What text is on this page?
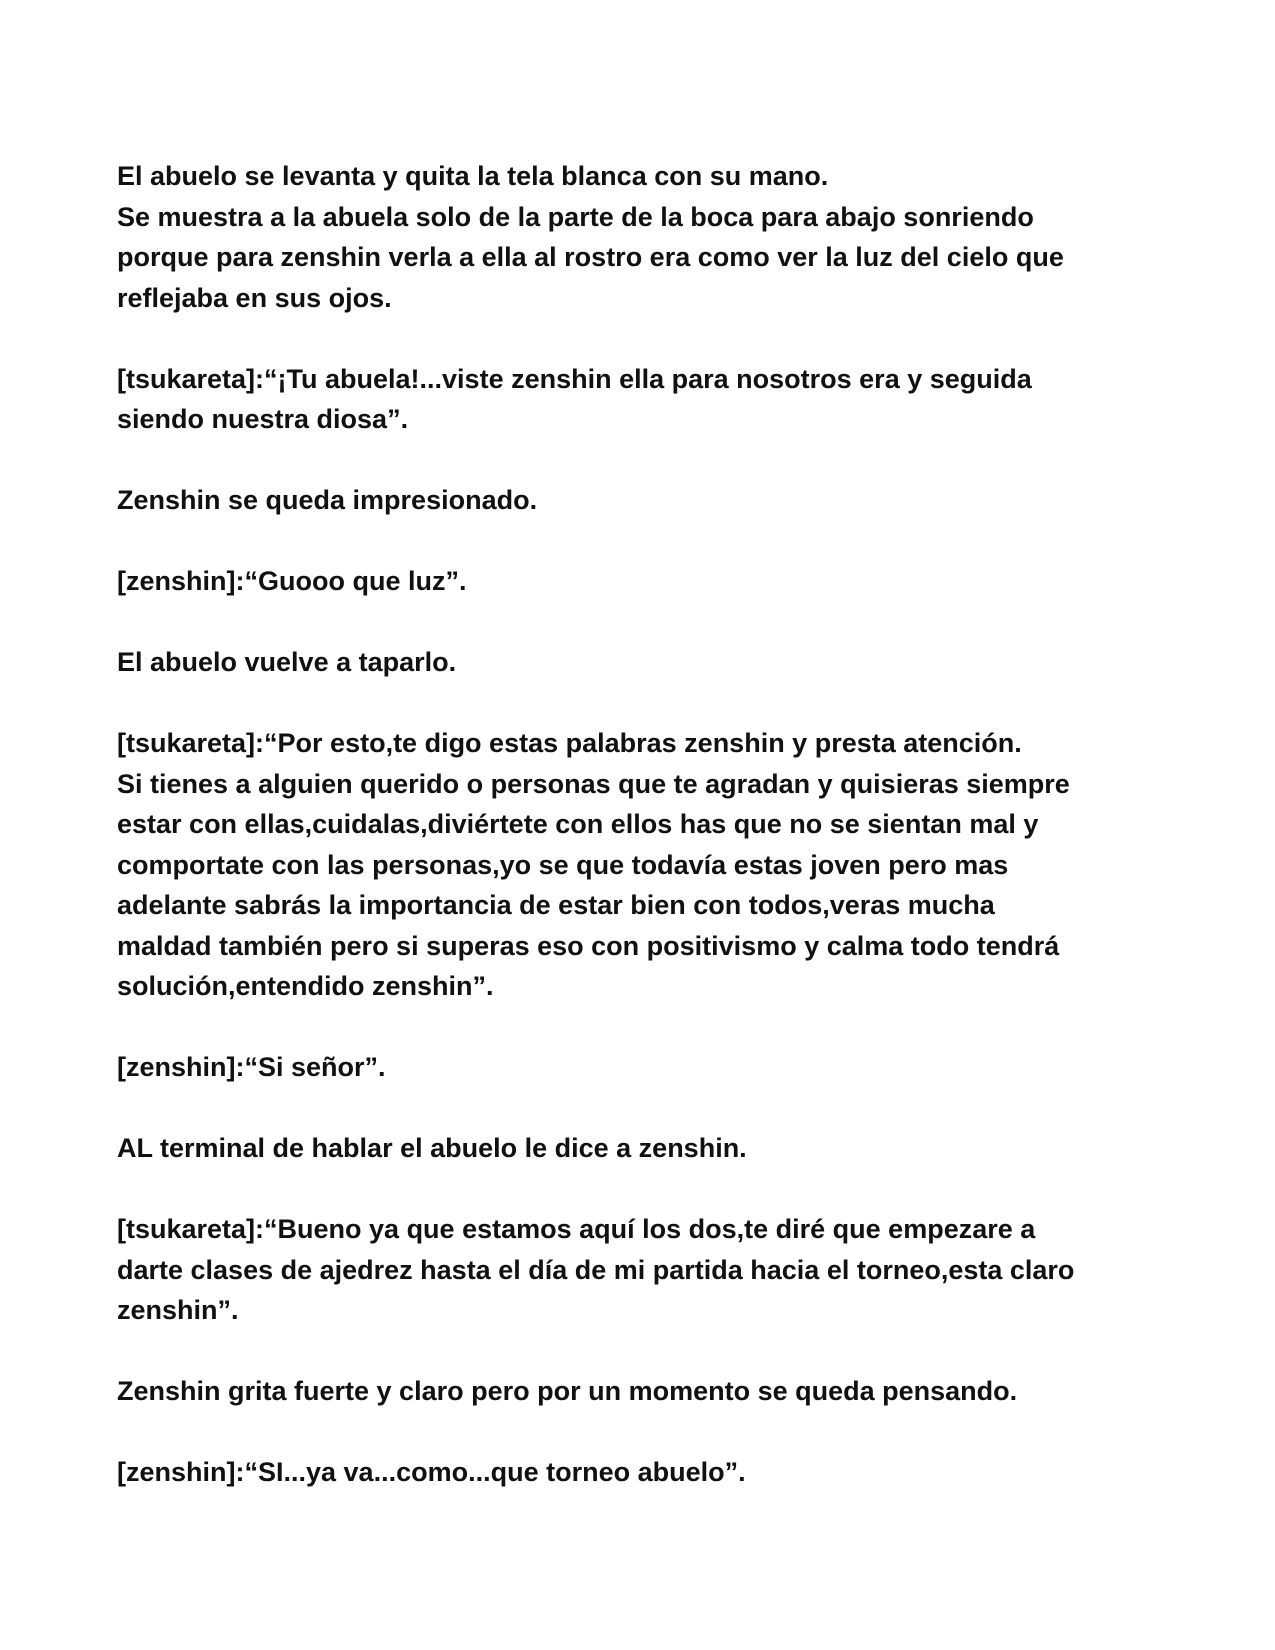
El abuelo se levanta y quita la tela blanca con su mano.
Se muestra a la abuela solo de la parte de la boca para abajo sonriendo
porque para zenshin verla a ella al rostro era como ver la luz del cielo que
reflejaba en sus ojos.

[tsukareta]:“¡Tu abuela!...viste zenshin ella para nosotros era y seguida
siendo nuestra diosa”.

Zenshin se queda impresionado.

[zenshin]:“Guooo que luz”.

El abuelo vuelve a taparlo.

[tsukareta]:“Por esto,te digo estas palabras zenshin y presta atención.
Si tienes a alguien querido o personas que te agradan y quisieras siempre
estar con ellas,cuidalas,diviértete con ellos has que no se sientan mal y
comportate con las personas,yo se que todavía estas joven pero mas
adelante sabrás la importancia de estar bien con todos,veras mucha
maldad también pero si superas eso con positivismo y calma todo tendrá
solución,entendido zenshin”.

[zenshin]:“Si señor”.

AL terminal de hablar el abuelo le dice a zenshin.

[tsukareta]:“Bueno ya que estamos aquí los dos,te diré que empezare a
darte clases de ajedrez hasta el día de mi partida hacia el torneo,esta claro
zenshin”.

Zenshin grita fuerte y claro pero por un momento se queda pensando.

[zenshin]:“SI...ya va...como...que torneo abuelo”.
